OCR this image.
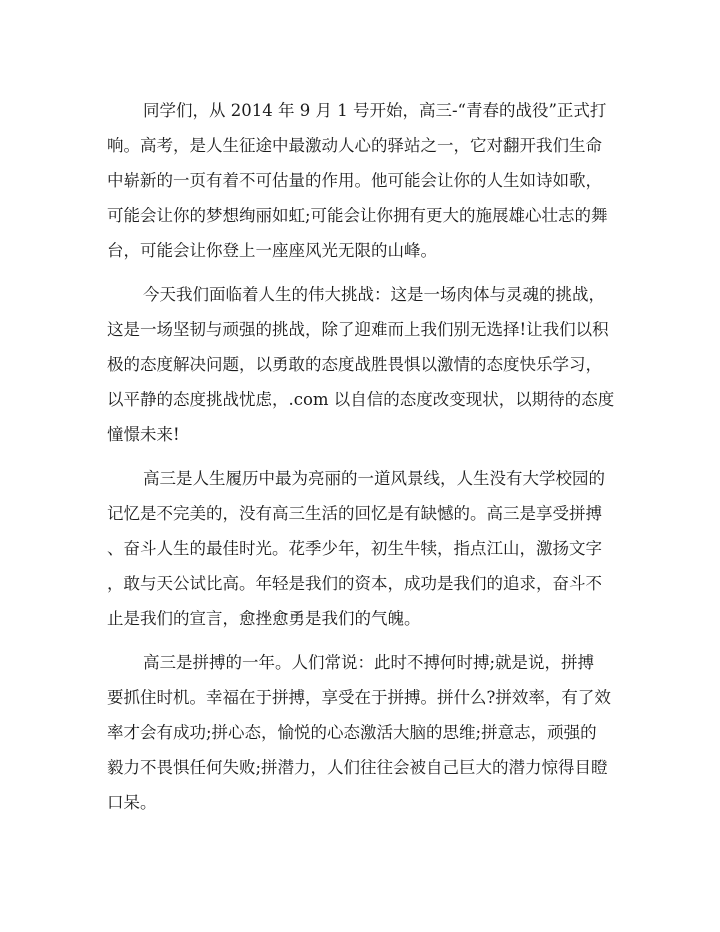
同学们，从 2014 年 9 月 1 号开始，高三-“青春的战役”正式打
响。高考，是人生征途中最激动人心的驿站之一，它对翻开我们生命
中崭新的一页有着不可估量的作用。他可能会让你的人生如诗如歌，
可能会让你的梦想绚丽如虹;可能会让你拥有更大的施展雄心壮志的舞
台，可能会让你登上一座座风光无限的山峰。
今天我们面临着人生的伟大挑战：这是一场肉体与灵魂的挑战，
这是一场坚韧与顽强的挑战，除了迎难而上我们别无选择!让我们以积
极的态度解决问题，以勇敢的态度战胜畏惧以激情的态度快乐学习，
以平静的态度挑战忧虑，.com 以自信的态度改变现状，以期待的态度
憧憬未来!
高三是人生履历中最为亮丽的一道风景线，人生没有大学校园的
记忆是不完美的，没有高三生活的回忆是有缺憾的。高三是享受拼搏
、奋斗人生的最佳时光。花季少年，初生牛犊，指点江山，激扬文字
，敢与天公试比高。年轻是我们的资本，成功是我们的追求，奋斗不
止是我们的宣言，愈挫愈勇是我们的气魄。
高三是拼搏的一年。人们常说：此时不搏何时搏;就是说，拼搏
要抓住时机。幸福在于拼搏，享受在于拼搏。拼什么?拼效率，有了效
率才会有成功;拼心态，愉悦的心态激活大脑的思维;拼意志，顽强的
毅力不畏惧任何失败;拼潜力，人们往往会被自己巨大的潜力惊得目瞪
口呆。
